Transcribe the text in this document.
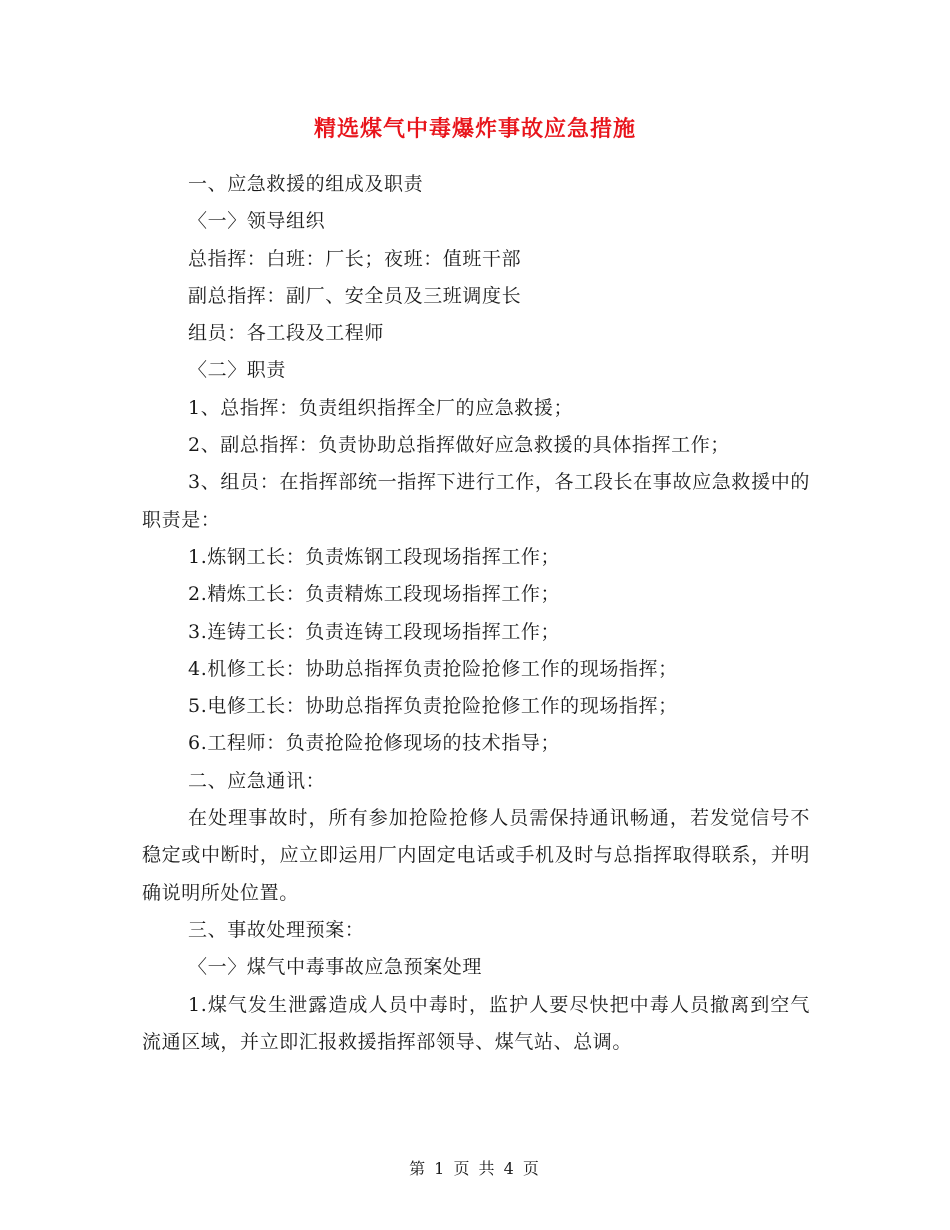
精选煤气中毒爆炸事故应急措施

一、应急救援的组成及职责

〈一〉领导组织

总指挥：白班：厂长；夜班：值班干部

副总指挥：副厂、安全员及三班调度长

组员：各工段及工程师

〈二〉职责

1、总指挥：负责组织指挥全厂的应急救援；

2、副总指挥：负责协助总指挥做好应急救援的具体指挥工作；

3、组员：在指挥部统一指挥下进行工作，各工段长在事故应急救援中的职责是：

1.炼钢工长：负责炼钢工段现场指挥工作；

2.精炼工长：负责精炼工段现场指挥工作；

3.连铸工长：负责连铸工段现场指挥工作；

4.机修工长：协助总指挥负责抢险抢修工作的现场指挥；

5.电修工长：协助总指挥负责抢险抢修工作的现场指挥；

6.工程师：负责抢险抢修现场的技术指导；

二、应急通讯：

在处理事故时，所有参加抢险抢修人员需保持通讯畅通，若发觉信号不稳定或中断时，应立即运用厂内固定电话或手机及时与总指挥取得联系，并明确说明所处位置。

三、事故处理预案：

〈一〉煤气中毒事故应急预案处理

1.煤气发生泄露造成人员中毒时，监护人要尽快把中毒人员撤离到空气流通区域，并立即汇报救援指挥部领导、煤气站、总调。

第 1 页 共 4 页
